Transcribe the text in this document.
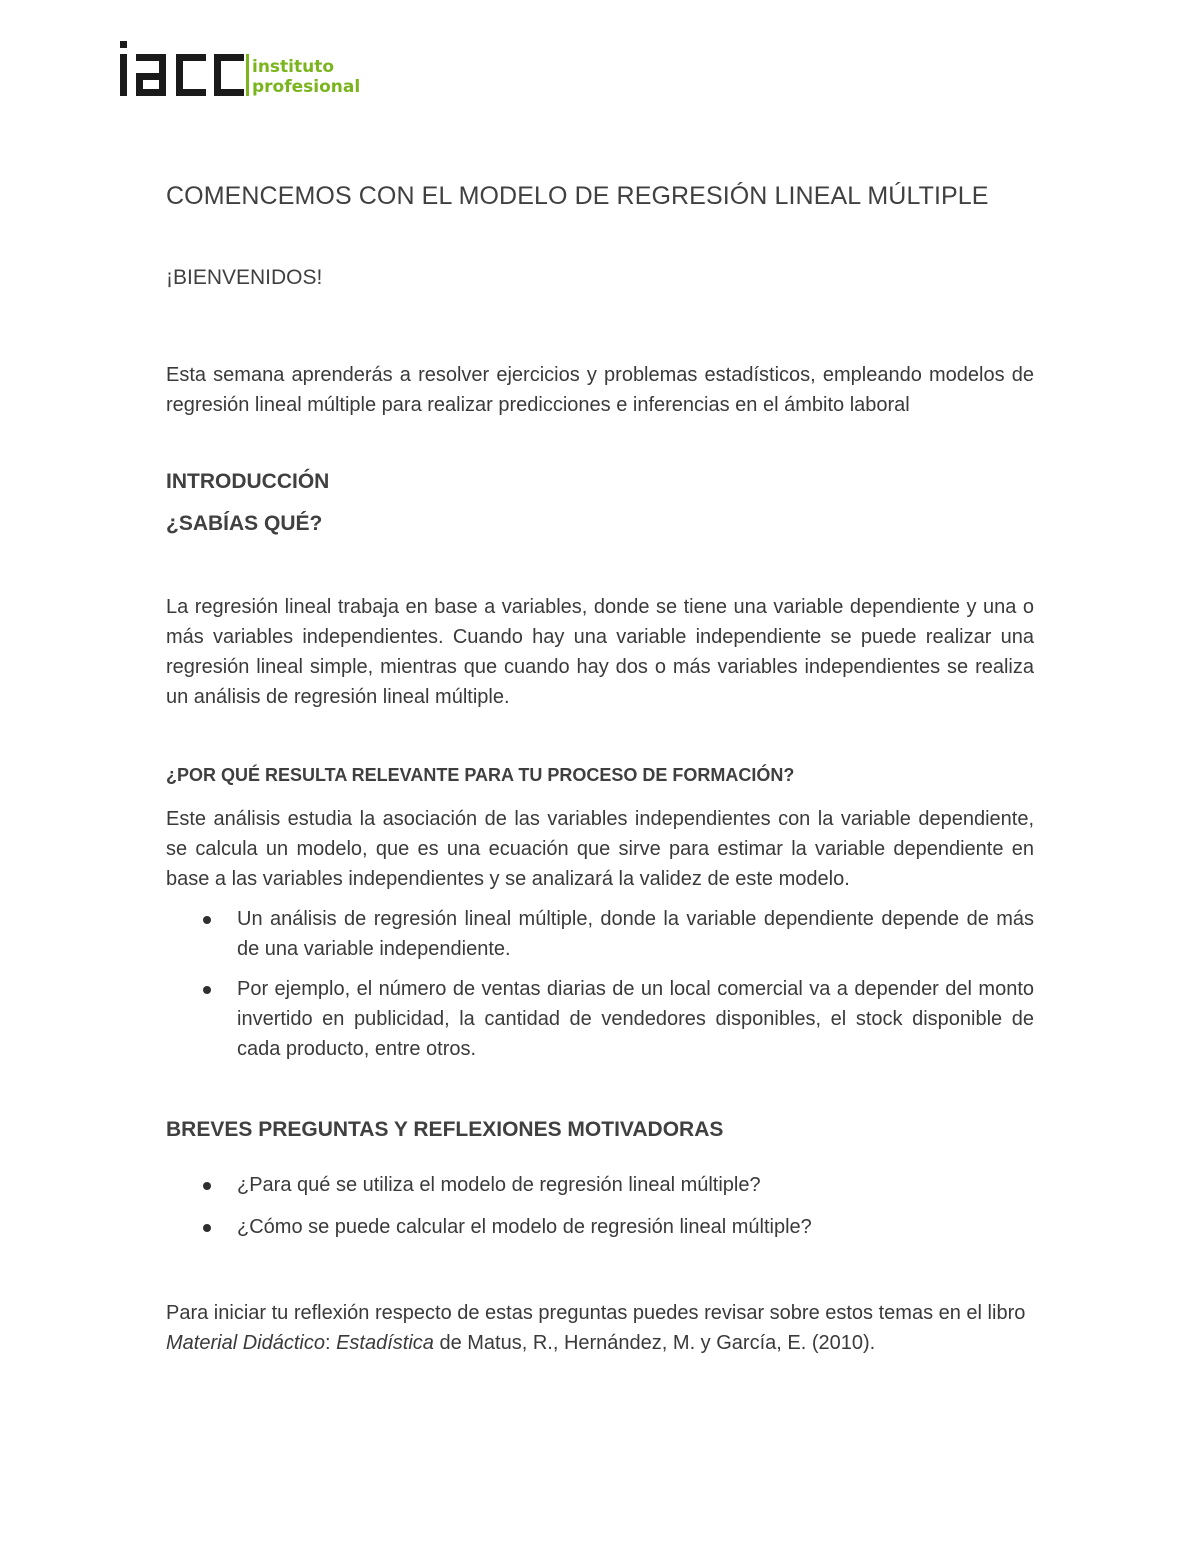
instituto
profesional
COMENCEMOS CON EL MODELO DE REGRESIÓN LINEAL MÚLTIPLE
¡BIENVENIDOS!
Esta semana aprenderás a resolver ejercicios y problemas estadísticos, empleando modelos de regresión lineal múltiple para realizar predicciones e inferencias en el ámbito laboral
INTRODUCCIÓN
¿SABÍAS QUÉ?
La regresión lineal trabaja en base a variables, donde se tiene una variable dependiente y una o más variables independientes. Cuando hay una variable independiente se puede realizar una regresión lineal simple, mientras que cuando hay dos o más variables independientes se realiza un análisis de regresión lineal múltiple.
¿POR QUÉ RESULTA RELEVANTE PARA TU PROCESO DE FORMACIÓN?
Este análisis estudia la asociación de las variables independientes con la variable dependiente, se calcula un modelo, que es una ecuación que sirve para estimar la variable dependiente en base a las variables independientes y se analizará la validez de este modelo.
Un análisis de regresión lineal múltiple, donde la variable dependiente depende de más de una variable independiente.
Por ejemplo, el número de ventas diarias de un local comercial va a depender del monto invertido en publicidad, la cantidad de vendedores disponibles, el stock disponible de cada producto, entre otros.
BREVES PREGUNTAS Y REFLEXIONES MOTIVADORAS
¿Para qué se utiliza el modelo de regresión lineal múltiple?
¿Cómo se puede calcular el modelo de regresión lineal múltiple?
Para iniciar tu reflexión respecto de estas preguntas puedes revisar sobre estos temas en el libro Material Didáctico: Estadística de Matus, R., Hernández, M. y García, E. (2010).
